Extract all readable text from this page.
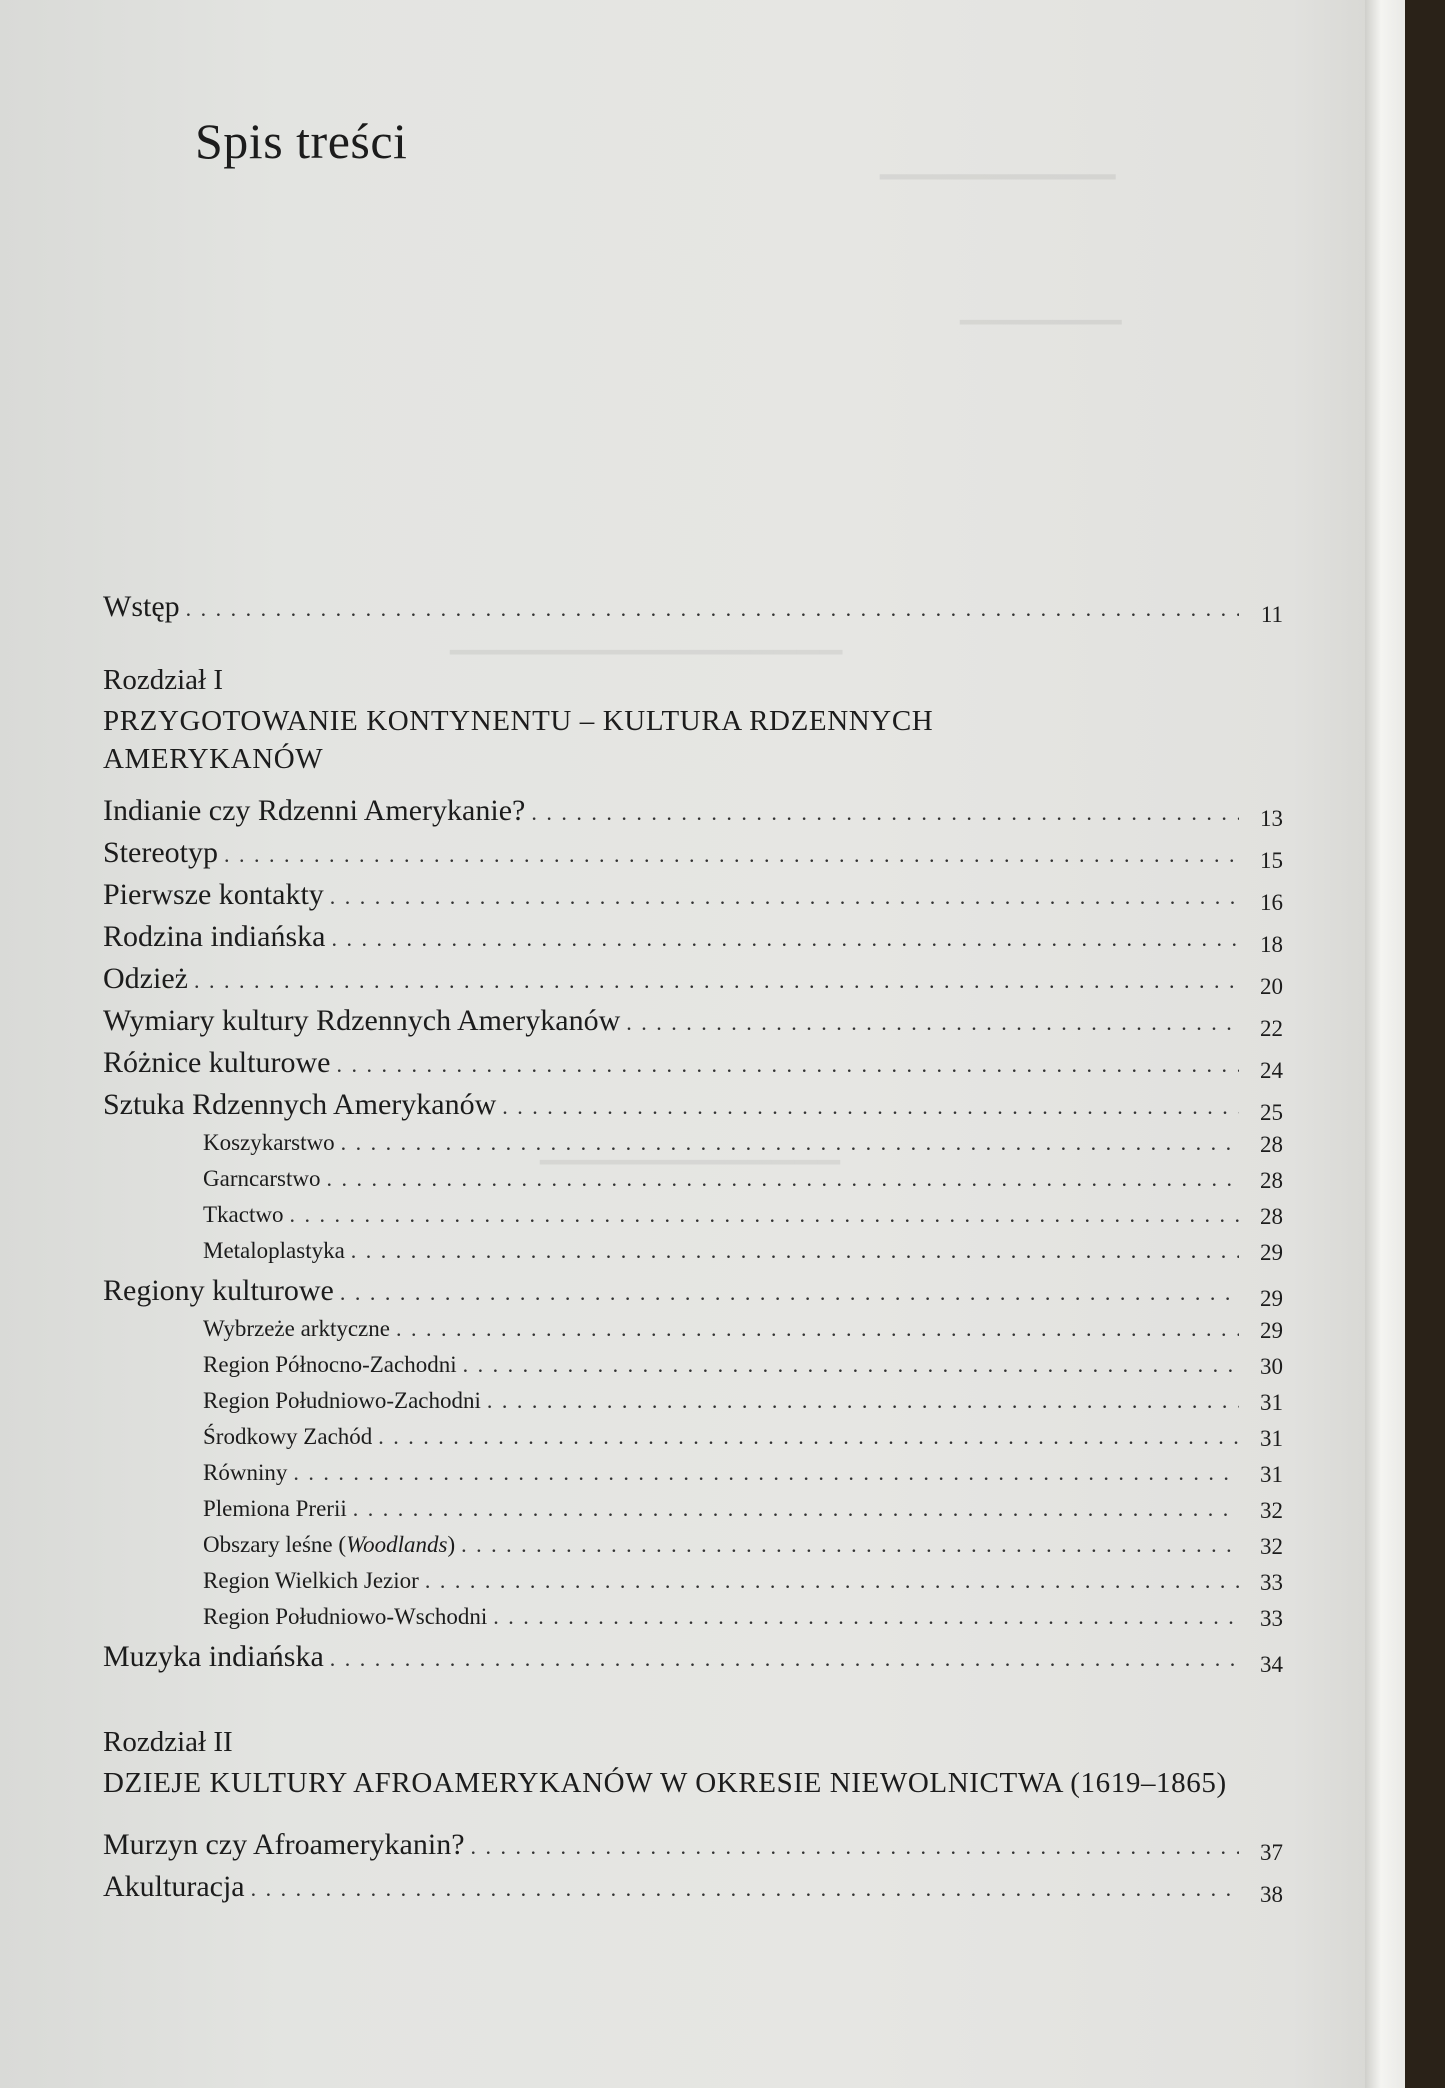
▁▁▁▁▁▁▁▁▁
▁▁▁▁▁▁▁
▁▁▁▁▁▁▁▁▁▁▁▁▁▁▁▁▁
▁▁▁▁▁▁▁▁▁▁▁▁▁
Spis treści
Wstęp . . .	11
Rozdział I
PRZYGOTOWANIE KONTYNENTU – KULTURA RDZENNYCH AMERYKANÓW
Indianie czy Rdzenni Amerykanie? . . .	13
Stereotyp . . .	15
Pierwsze kontakty . . .	16
Rodzina indiańska . . .	18
Odzież . . .	20
Wymiary kultury Rdzennych Amerykanów . . .	22
Różnice kulturowe . . .	24
Sztuka Rdzennych Amerykanów . . .	25
Koszykarstwo . . .	28
Garncarstwo . . .	28
Tkactwo . . .	28
Metaloplastyka . . .	29
Regiony kulturowe . . .	29
Wybrzeże arktyczne . . .	29
Region Północno-Zachodni . . .	30
Region Południowo-Zachodni . . .	31
Środkowy Zachód . . .	31
Równiny . . .	31
Plemiona Prerii . . .	32
Obszary leśne (Woodlands) . . .	32
Region Wielkich Jezior . . .	33
Region Południowo-Wschodni . . .	33
Muzyka indiańska . . .	34
Rozdział II
DZIEJE KULTURY AFROAMERYKANÓW W OKRESIE NIEWOLNICTWA (1619–1865)
Murzyn czy Afroamerykanin? . . .	37
Akulturacja . . .	38
